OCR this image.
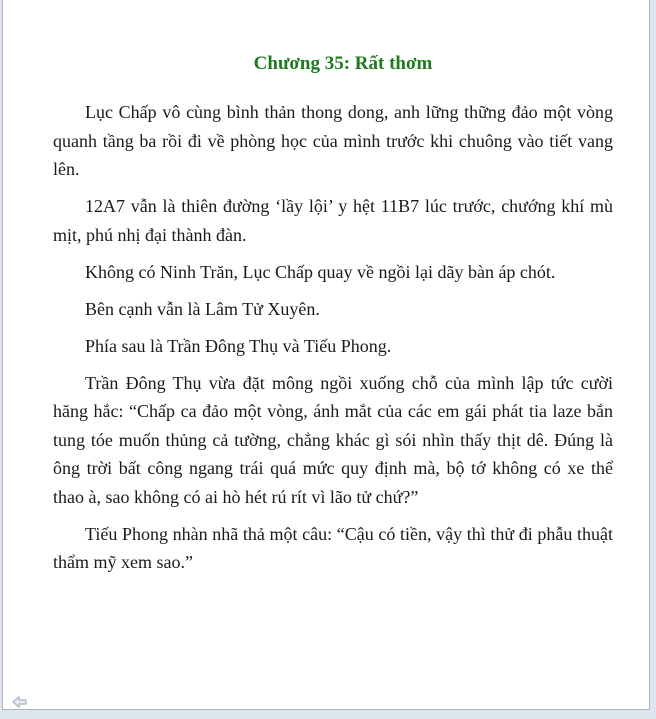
Chương 35: Rất thơm

Lục Chấp vô cùng bình thản thong dong, anh lững thững đảo một vòng quanh tầng ba rồi đi về phòng học của mình trước khi chuông vào tiết vang lên.

12A7 vẫn là thiên đường ‘lầy lội’ y hệt 11B7 lúc trước, chướng khí mù mịt, phú nhị đại thành đàn.

Không có Ninh Trăn, Lục Chấp quay về ngồi lại dãy bàn áp chót.

Bên cạnh vẫn là Lâm Tử Xuyên.

Phía sau là Trần Đông Thụ và Tiếu Phong.

Trần Đông Thụ vừa đặt mông ngồi xuống chỗ của mình lập tức cười hăng hắc: “Chấp ca đảo một vòng, ánh mắt của các em gái phát tia laze bắn tung tóe muốn thủng cả tường, chẳng khác gì sói nhìn thấy thịt dê. Đúng là ông trời bất công ngang trái quá mức quy định mà, bộ tớ không có xe thể thao à, sao không có ai hò hét rú rít vì lão tử chứ?”

Tiếu Phong nhàn nhã thả một câu: “Cậu có tiền, vậy thì thử đi phẫu thuật thẩm mỹ xem sao.”
